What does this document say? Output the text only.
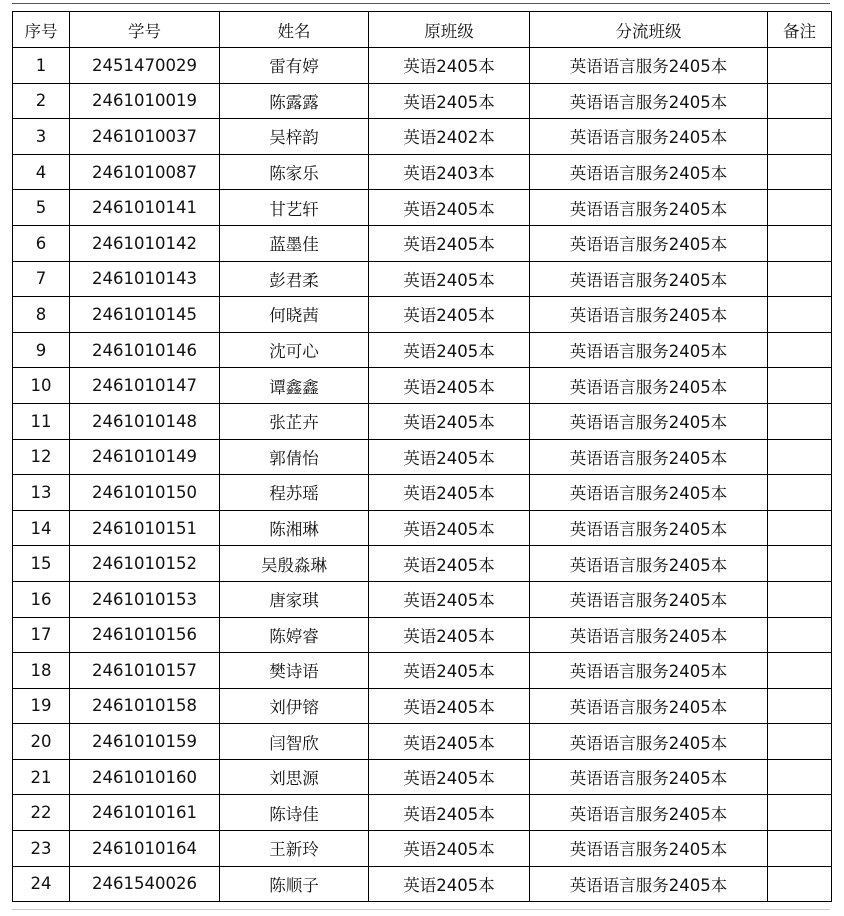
序号	学号	姓名	原班级	分流班级	备注
1	2451470029	雷有婷	英语2405本	英语语言服务2405本	
2	2461010019	陈露露	英语2405本	英语语言服务2405本	
3	2461010037	吴梓韵	英语2402本	英语语言服务2405本	
4	2461010087	陈家乐	英语2403本	英语语言服务2405本	
5	2461010141	甘艺轩	英语2405本	英语语言服务2405本	
6	2461010142	蓝墨佳	英语2405本	英语语言服务2405本	
7	2461010143	彭君柔	英语2405本	英语语言服务2405本	
8	2461010145	何晓茜	英语2405本	英语语言服务2405本	
9	2461010146	沈可心	英语2405本	英语语言服务2405本	
10	2461010147	谭鑫鑫	英语2405本	英语语言服务2405本	
11	2461010148	张芷卉	英语2405本	英语语言服务2405本	
12	2461010149	郭倩怡	英语2405本	英语语言服务2405本	
13	2461010150	程苏瑶	英语2405本	英语语言服务2405本	
14	2461010151	陈湘琳	英语2405本	英语语言服务2405本	
15	2461010152	吴殷淼琳	英语2405本	英语语言服务2405本	
16	2461010153	唐家琪	英语2405本	英语语言服务2405本	
17	2461010156	陈婷睿	英语2405本	英语语言服务2405本	
18	2461010157	樊诗语	英语2405本	英语语言服务2405本	
19	2461010158	刘伊镕	英语2405本	英语语言服务2405本	
20	2461010159	闫智欣	英语2405本	英语语言服务2405本	
21	2461010160	刘思源	英语2405本	英语语言服务2405本	
22	2461010161	陈诗佳	英语2405本	英语语言服务2405本	
23	2461010164	王新玲	英语2405本	英语语言服务2405本	
24	2461540026	陈顺子	英语2405本	英语语言服务2405本	
